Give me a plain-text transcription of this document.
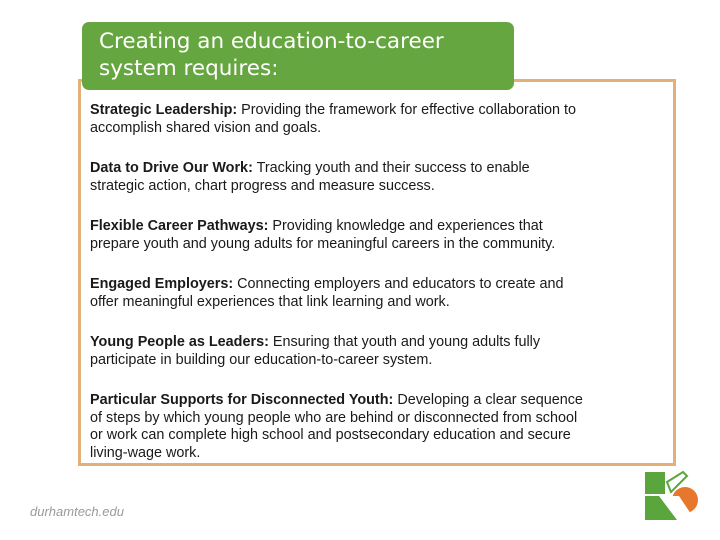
Creating an education-to-career
system requires:
Strategic Leadership: Providing the framework for effective collaboration to
accomplish shared vision and goals.
Data to Drive Our Work: Tracking youth and their success to enable
strategic action, chart progress and measure success.
Flexible Career Pathways: Providing knowledge and experiences that
prepare youth and young adults for meaningful careers in the community.
Engaged Employers: Connecting employers and educators to create and
offer meaningful experiences that link learning and work.
Young People as Leaders: Ensuring that youth and young adults fully
participate in building our education-to-career system.
Particular Supports for Disconnected Youth: Developing a clear sequence
of steps by which young people who are behind or disconnected from school
or work can complete high school and postsecondary education and secure
living-wage work.
durhamtech.edu
